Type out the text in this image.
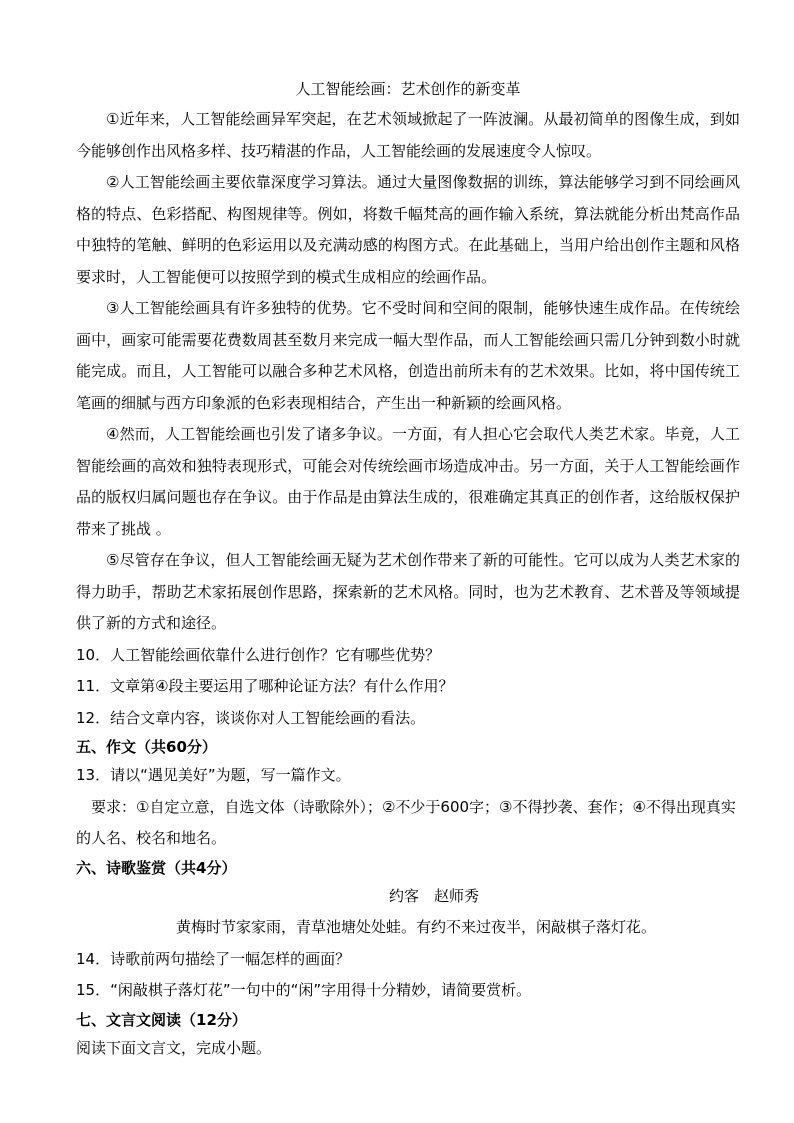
人工智能绘画：艺术创作的新变革

①近年来，人工智能绘画异军突起，在艺术领域掀起了一阵波澜。从最初简单的图像生成，到如今能够创作出风格多样、技巧精湛的作品，人工智能绘画的发展速度令人惊叹。

②人工智能绘画主要依靠深度学习算法。通过大量图像数据的训练，算法能够学习到不同绘画风格的特点、色彩搭配、构图规律等。例如，将数千幅梵高的画作输入系统，算法就能分析出梵高作品中独特的笔触、鲜明的色彩运用以及充满动感的构图方式。在此基础上，当用户给出创作主题和风格要求时，人工智能便可以按照学到的模式生成相应的绘画作品。

③人工智能绘画具有许多独特的优势。它不受时间和空间的限制，能够快速生成作品。在传统绘画中，画家可能需要花费数周甚至数月来完成一幅大型作品，而人工智能绘画只需几分钟到数小时就能完成。而且，人工智能可以融合多种艺术风格，创造出前所未有的艺术效果。比如，将中国传统工笔画的细腻与西方印象派的色彩表现相结合，产生出一种新颖的绘画风格。

④然而，人工智能绘画也引发了诸多争议。一方面，有人担心它会取代人类艺术家。毕竟，人工智能绘画的高效和独特表现形式，可能会对传统绘画市场造成冲击。另一方面，关于人工智能绘画作品的版权归属问题也存在争议。由于作品是由算法生成的，很难确定其真正的创作者，这给版权保护带来了挑战 。

⑤尽管存在争议，但人工智能绘画无疑为艺术创作带来了新的可能性。它可以成为人类艺术家的得力助手，帮助艺术家拓展创作思路，探索新的艺术风格。同时，也为艺术教育、艺术普及等领域提供了新的方式和途径。

10．人工智能绘画依靠什么进行创作？它有哪些优势？

11．文章第④段主要运用了哪种论证方法？有什么作用？

12．结合文章内容，谈谈你对人工智能绘画的看法。

五、作文（共60分）

13．请以“遇见美好”为题，写一篇作文。

要求：①自定立意，自选文体（诗歌除外）；②不少于600字；③不得抄袭、套作；④不得出现真实的人名、校名和地名。

六、诗歌鉴赏（共4分）

约客　赵师秀

黄梅时节家家雨，青草池塘处处蛙。有约不来过夜半，闲敲棋子落灯花。

14．诗歌前两句描绘了一幅怎样的画面？

15．“闲敲棋子落灯花”一句中的“闲”字用得十分精妙，请简要赏析。

七、文言文阅读（12分）

阅读下面文言文，完成小题。
